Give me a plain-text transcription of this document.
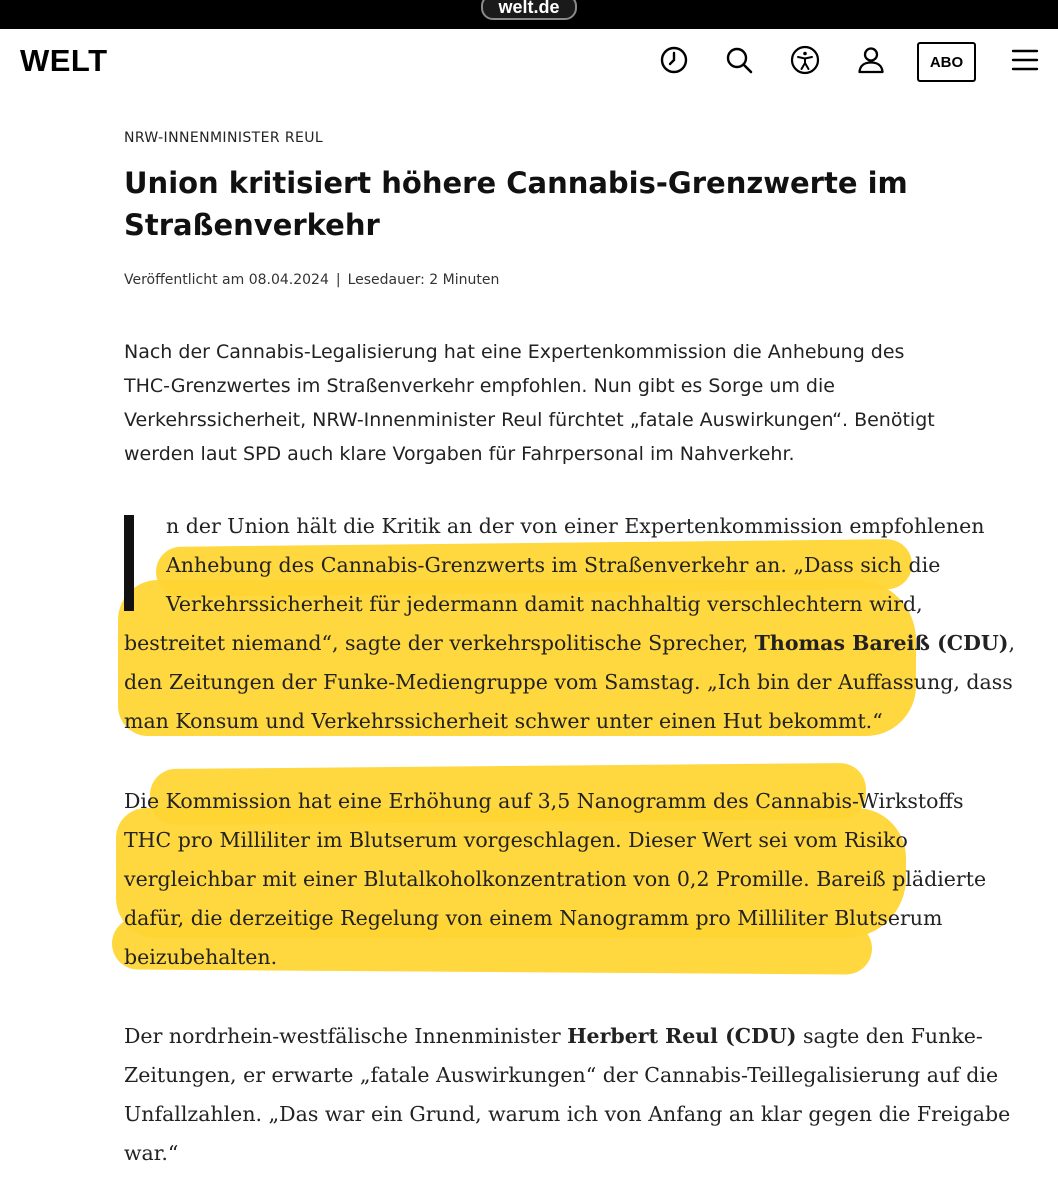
welt.de
WELT	ABO
NRW-INNENMINISTER REUL
Union kritisiert höhere Cannabis-Grenzwerte im Straßenverkehr
Veröffentlicht am 08.04.2024 | Lesedauer: 2 Minuten

Nach der Cannabis-Legalisierung hat eine Expertenkommission die Anhebung des THC-Grenzwertes im Straßenverkehr empfohlen. Nun gibt es Sorge um die Verkehrssicherheit, NRW-Innenminister Reul fürchtet „fatale Auswirkungen“. Benötigt werden laut SPD auch klare Vorgaben für Fahrpersonal im Nahverkehr.

n der Union hält die Kritik an der von einer Expertenkommission empfohlenen
Anhebung des Cannabis-Grenzwerts im Straßenverkehr an. „Dass sich die
Verkehrssicherheit für jedermann damit nachhaltig verschlechtern wird,
bestreitet niemand“, sagte der verkehrspolitische Sprecher, Thomas Bareiß (CDU),
den Zeitungen der Funke-Mediengruppe vom Samstag. „Ich bin der Auffassung, dass
man Konsum und Verkehrssicherheit schwer unter einen Hut bekommt.“
Die Kommission hat eine Erhöhung auf 3,5 Nanogramm des Cannabis-Wirkstoffs
THC pro Milliliter im Blutserum vorgeschlagen. Dieser Wert sei vom Risiko
vergleichbar mit einer Blutalkoholkonzentration von 0,2 Promille. Bareiß plädierte
dafür, die derzeitige Regelung von einem Nanogramm pro Milliliter Blutserum
beizubehalten.
Der nordrhein-westfälische Innenminister Herbert Reul (CDU) sagte den Funke-
Zeitungen, er erwarte „fatale Auswirkungen“ der Cannabis-Teillegalisierung auf die
Unfallzahlen. „Das war ein Grund, warum ich von Anfang an klar gegen die Freigabe
war.“
